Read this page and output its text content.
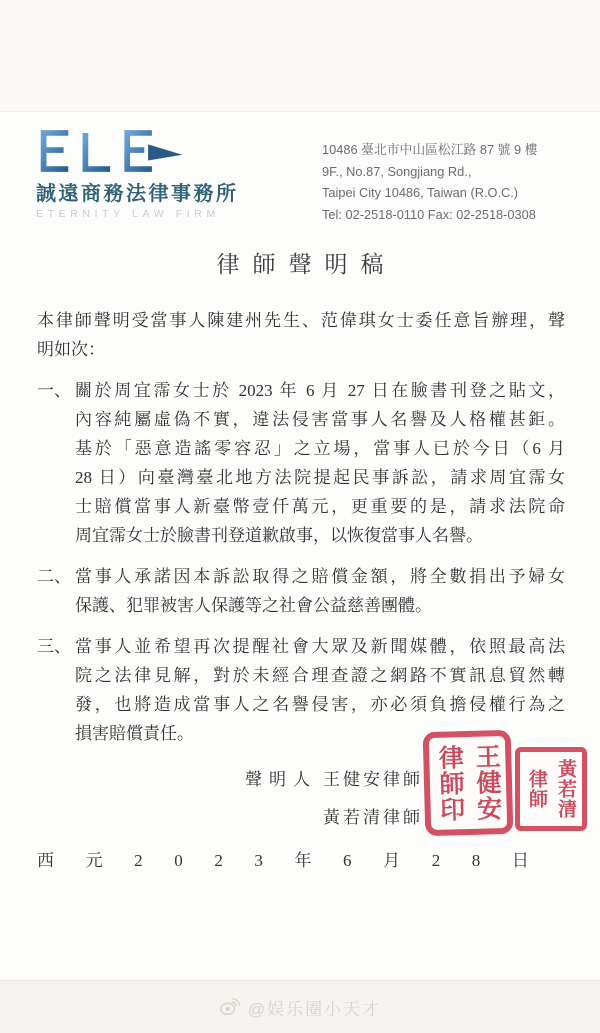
誠遠商務法律事務所
ETERNITY LAW FIRM
10486 臺北市中山區松江路 87 號 9 樓
9F., No.87, Songjiang Rd.,
Taipei City 10486, Taiwan (R.O.C.)
Tel: 02-2518-0110 Fax: 02-2518-0308
律師聲明稿
本律師聲明受當事人陳建州先生、范偉琪女士委任意旨辦理，聲
明如次：
一、 關於周宜霈女士於 2023 年 6 月 27 日在臉書刊登之貼文，
內容純屬虛偽不實，違法侵害當事人名譽及人格權甚鉅。
基於「惡意造謠零容忍」之立場，當事人已於今日（6 月
28 日）向臺灣臺北地方法院提起民事訴訟，請求周宜霈女
士賠償當事人新臺幣壹仟萬元，更重要的是，請求法院命
周宜霈女士於臉書刊登道歉啟事，以恢復當事人名譽。
二、 當事人承諾因本訴訟取得之賠償金額，將全數捐出予婦女
保護、犯罪被害人保護等之社會公益慈善團體。
三、 當事人並希望再次提醒社會大眾及新聞媒體，依照最高法
院之法律見解，對於未經合理查證之網路不實訊息貿然轉
發，也將造成當事人之名譽侵害，亦必須負擔侵權行為之
損害賠償責任。
聲明人 王健安律師
黃若清律師
西 元 2 0 2 3 年 6 月 2 8 日
王健安律師印	黃若清律師
@娱乐圈小天才
